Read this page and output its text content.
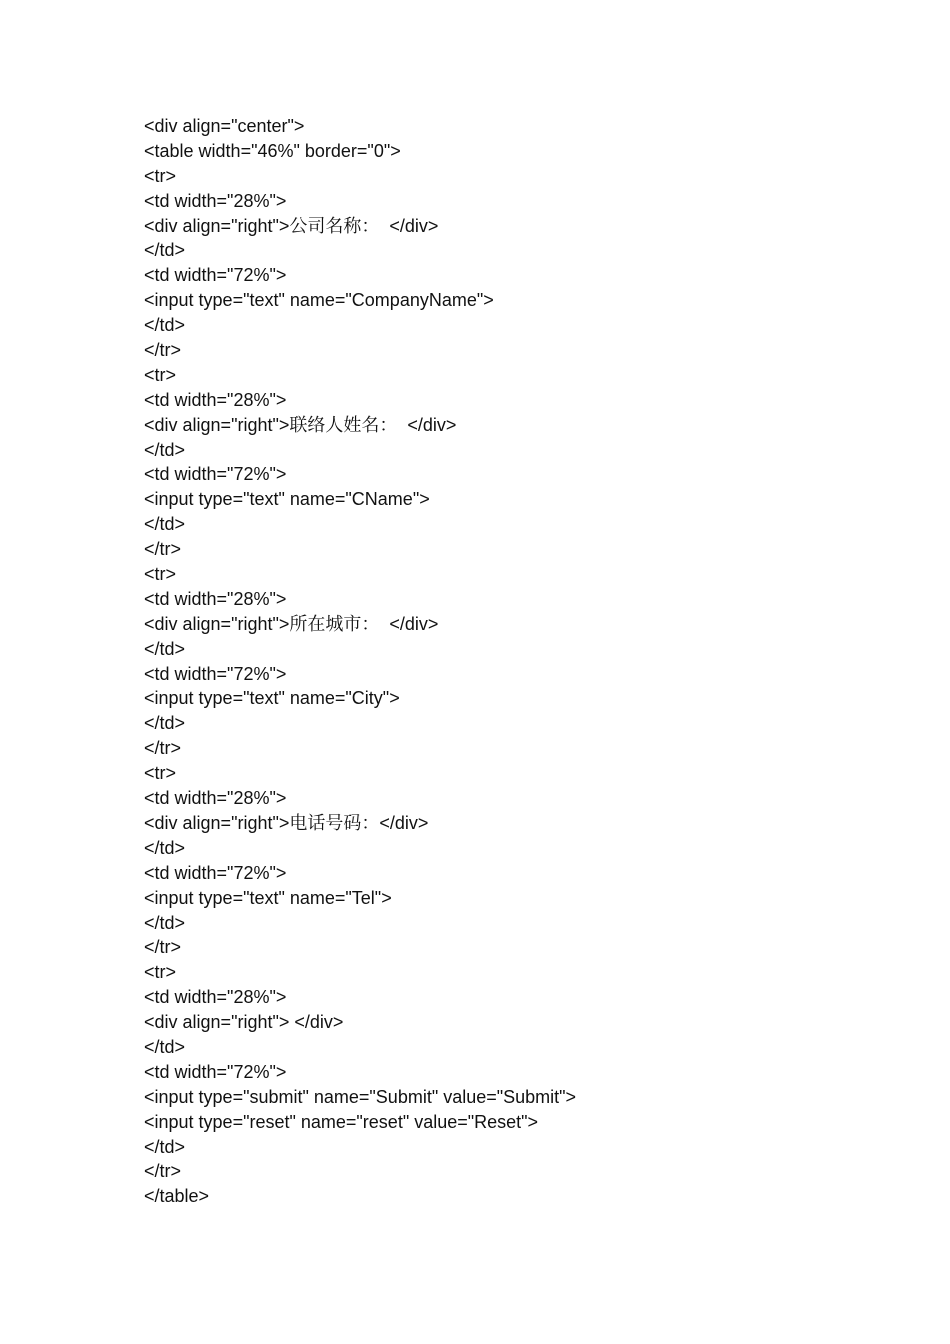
<div align="center">
<table width="46%" border="0">
<tr>
<td width="28%">
<div align="right">公司名称：  </div>
</td>
<td width="72%">
<input type="text" name="CompanyName">
</td>
</tr>
<tr>
<td width="28%">
<div align="right">联络人姓名：  </div>
</td>
<td width="72%">
<input type="text" name="CName">
</td>
</tr>
<tr>
<td width="28%">
<div align="right">所在城市：  </div>
</td>
<td width="72%">
<input type="text" name="City">
</td>
</tr>
<tr>
<td width="28%">
<div align="right">电话号码：</div>
</td>
<td width="72%">
<input type="text" name="Tel">
</td>
</tr>
<tr>
<td width="28%">
<div align="right"> </div>
</td>
<td width="72%">
<input type="submit" name="Submit" value="Submit">
<input type="reset" name="reset" value="Reset">
</td>
</tr>
</table>
